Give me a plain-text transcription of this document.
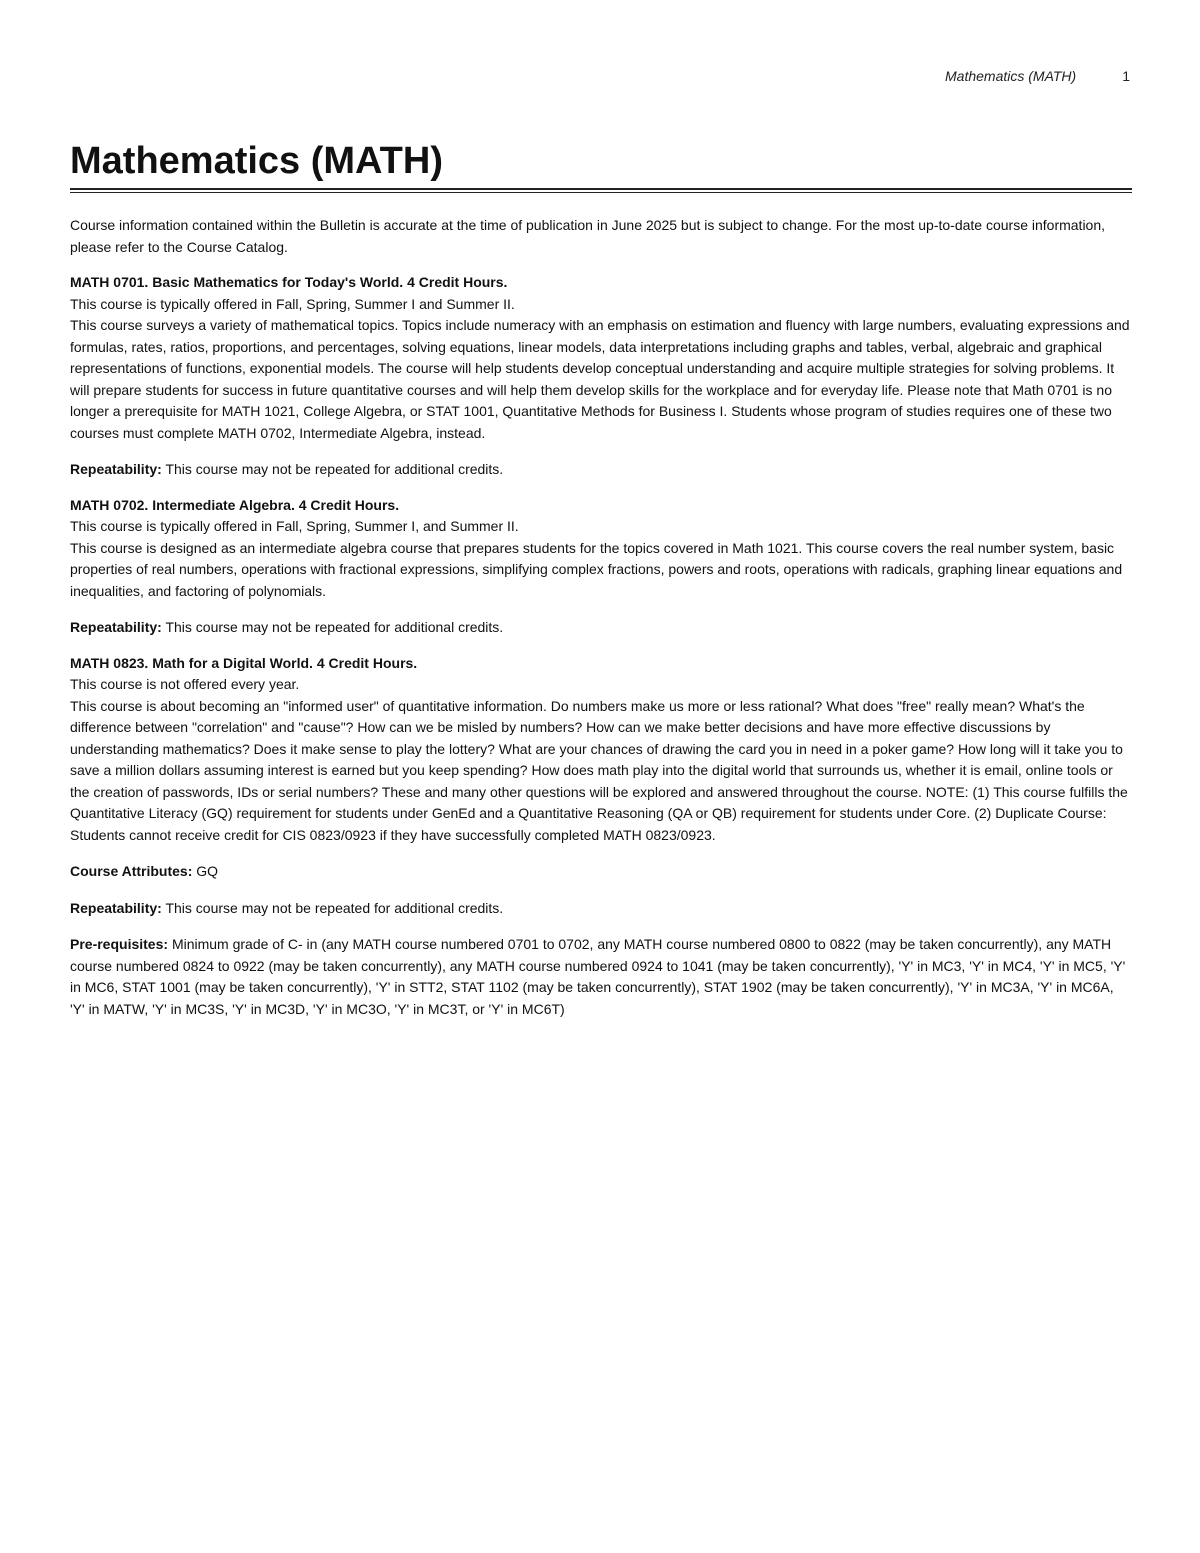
Mathematics (MATH)	1
Mathematics (MATH)

Course information contained within the Bulletin is accurate at the time of publication in June 2025 but is subject to change. For the most up-to-date course information, please refer to the Course Catalog.

MATH 0701. Basic Mathematics for Today's World. 4 Credit Hours.

This course is typically offered in Fall, Spring, Summer I and Summer II.

This course surveys a variety of mathematical topics. Topics include numeracy with an emphasis on estimation and fluency with large numbers, evaluating expressions and formulas, rates, ratios, proportions, and percentages, solving equations, linear models, data interpretations including graphs and tables, verbal, algebraic and graphical representations of functions, exponential models. The course will help students develop conceptual understanding and acquire multiple strategies for solving problems. It will prepare students for success in future quantitative courses and will help them develop skills for the workplace and for everyday life. Please note that Math 0701 is no longer a prerequisite for MATH 1021, College Algebra, or STAT 1001, Quantitative Methods for Business I. Students whose program of studies requires one of these two courses must complete MATH 0702, Intermediate Algebra, instead.

Repeatability: This course may not be repeated for additional credits.

MATH 0702. Intermediate Algebra. 4 Credit Hours.

This course is typically offered in Fall, Spring, Summer I, and Summer II.

This course is designed as an intermediate algebra course that prepares students for the topics covered in Math 1021. This course covers the real number system, basic properties of real numbers, operations with fractional expressions, simplifying complex fractions, powers and roots, operations with radicals, graphing linear equations and inequalities, and factoring of polynomials.

Repeatability: This course may not be repeated for additional credits.

MATH 0823. Math for a Digital World. 4 Credit Hours.

This course is not offered every year.

This course is about becoming an "informed user" of quantitative information. Do numbers make us more or less rational? What does "free" really mean? What's the difference between "correlation" and "cause"? How can we be misled by numbers? How can we make better decisions and have more effective discussions by understanding mathematics? Does it make sense to play the lottery? What are your chances of drawing the card you in need in a poker game? How long will it take you to save a million dollars assuming interest is earned but you keep spending? How does math play into the digital world that surrounds us, whether it is email, online tools or the creation of passwords, IDs or serial numbers? These and many other questions will be explored and answered throughout the course. NOTE: (1) This course fulfills the Quantitative Literacy (GQ) requirement for students under GenEd and a Quantitative Reasoning (QA or QB) requirement for students under Core. (2) Duplicate Course: Students cannot receive credit for CIS 0823/0923 if they have successfully completed MATH 0823/0923.

Course Attributes: GQ

Repeatability: This course may not be repeated for additional credits.

Pre-requisites: Minimum grade of C- in (any MATH course numbered 0701 to 0702, any MATH course numbered 0800 to 0822 (may be taken concurrently), any MATH course numbered 0824 to 0922 (may be taken concurrently), any MATH course numbered 0924 to 1041 (may be taken concurrently), 'Y' in MC3, 'Y' in MC4, 'Y' in MC5, 'Y' in MC6, STAT 1001 (may be taken concurrently), 'Y' in STT2, STAT 1102 (may be taken concurrently), STAT 1902 (may be taken concurrently), 'Y' in MC3A, 'Y' in MC6A, 'Y' in MATW, 'Y' in MC3S, 'Y' in MC3D, 'Y' in MC3O, 'Y' in MC3T, or 'Y' in MC6T)
